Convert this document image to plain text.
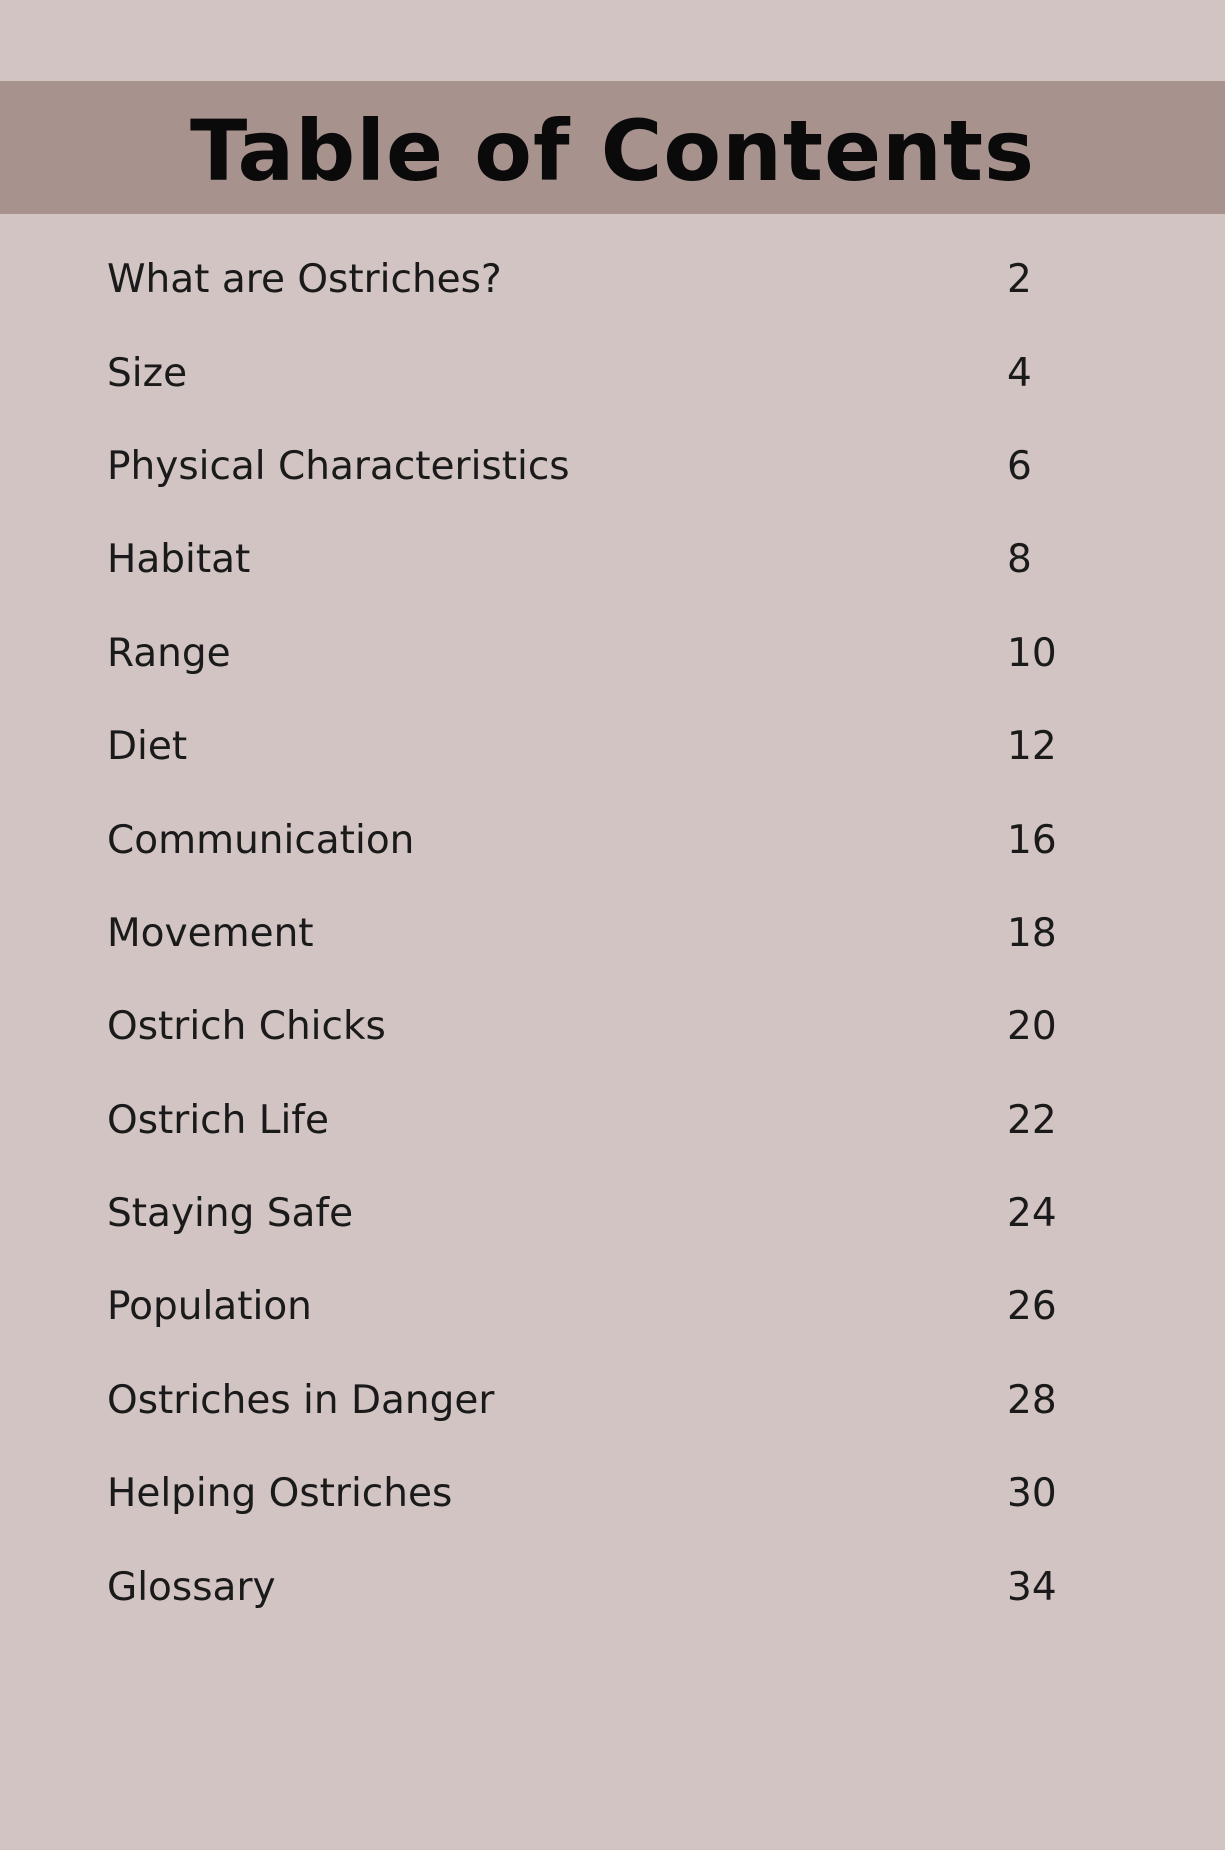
Table of Contents
What are Ostriches?	2
Size	4
Physical Characteristics	6
Habitat	8
Range	10
Diet	12
Communication	16
Movement	18
Ostrich Chicks	20
Ostrich Life	22
Staying Safe	24
Population	26
Ostriches in Danger	28
Helping Ostriches	30
Glossary	34
